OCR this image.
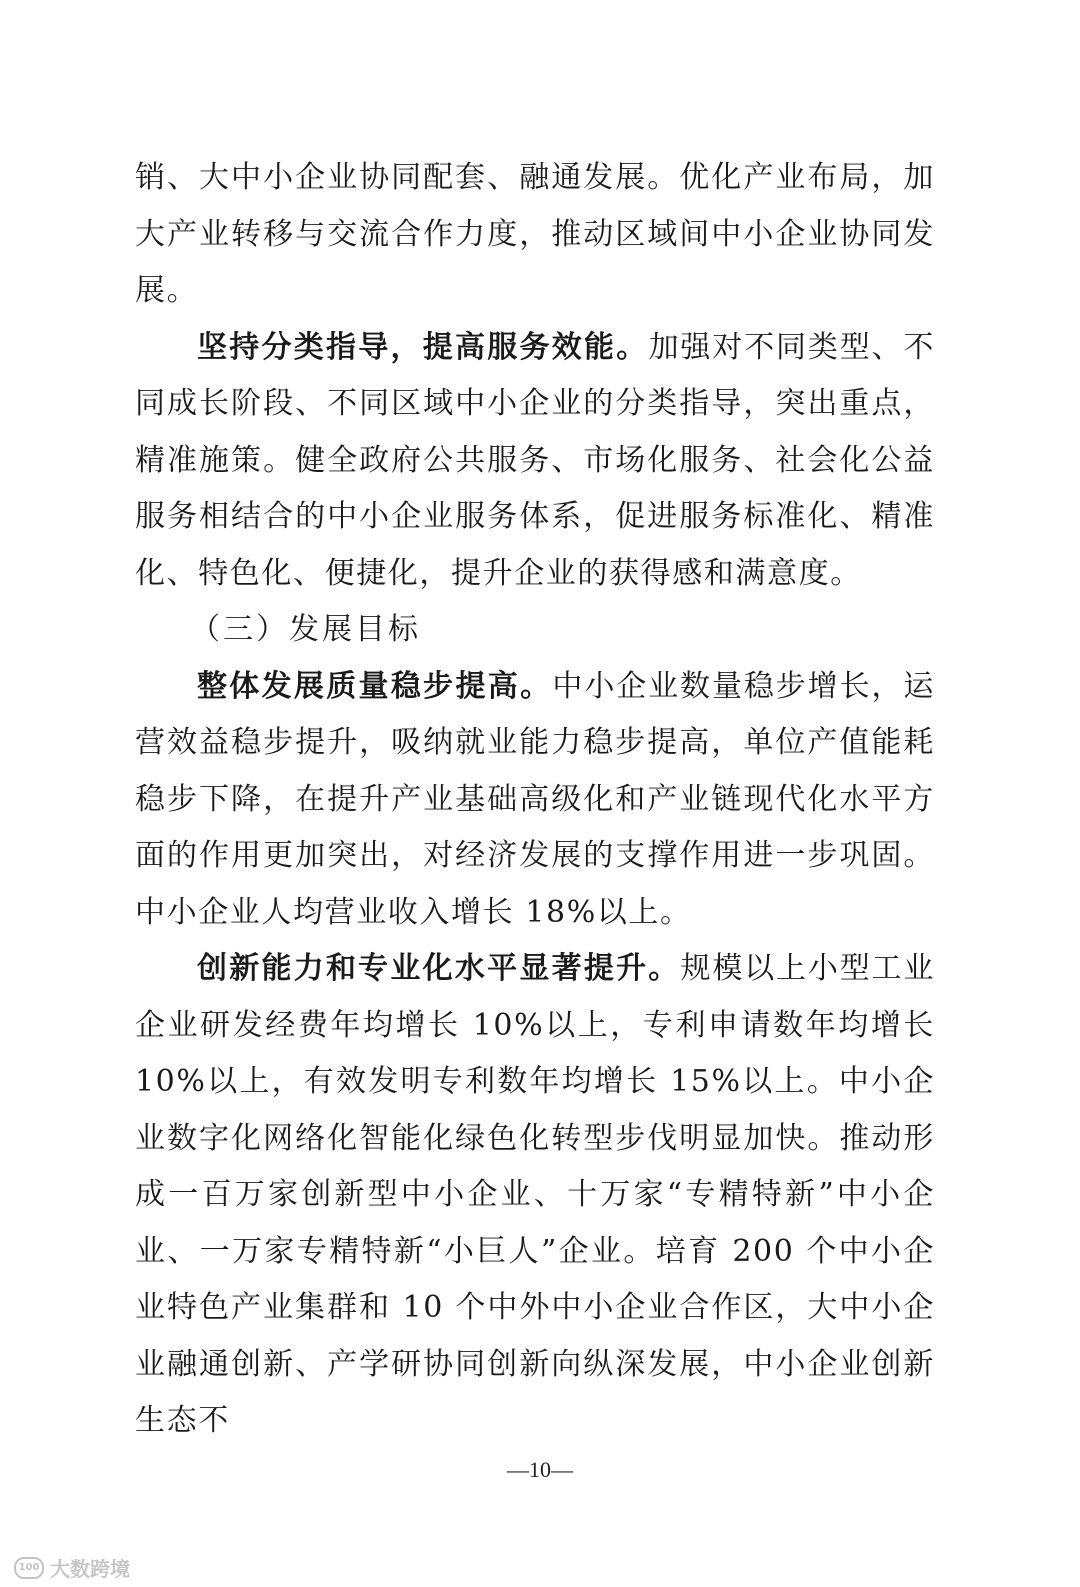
销、大中小企业协同配套、融通发展。优化产业布局，加大产业转移与交流合作力度，推动区域间中小企业协同发展。

坚持分类指导，提高服务效能。加强对不同类型、不同成长阶段、不同区域中小企业的分类指导，突出重点，精准施策。健全政府公共服务、市场化服务、社会化公益服务相结合的中小企业服务体系，促进服务标准化、精准化、特色化、便捷化，提升企业的获得感和满意度。

（三）发展目标

整体发展质量稳步提高。中小企业数量稳步增长，运营效益稳步提升，吸纳就业能力稳步提高，单位产值能耗稳步下降，在提升产业基础高级化和产业链现代化水平方面的作用更加突出，对经济发展的支撑作用进一步巩固。中小企业人均营业收入增长 18%以上。

创新能力和专业化水平显著提升。规模以上小型工业企业研发经费年均增长 10%以上，专利申请数年均增长10%以上，有效发明专利数年均增长 15%以上。中小企业数字化网络化智能化绿色化转型步伐明显加快。推动形成一百万家创新型中小企业、十万家“专精特新”中小企业、一万家专精特新“小巨人”企业。培育 200 个中小企业特色产业集群和 10 个中外中小企业合作区，大中小企业融通创新、产学研协同创新向纵深发展，中小企业创新生态不

—10—
100 大数跨境
